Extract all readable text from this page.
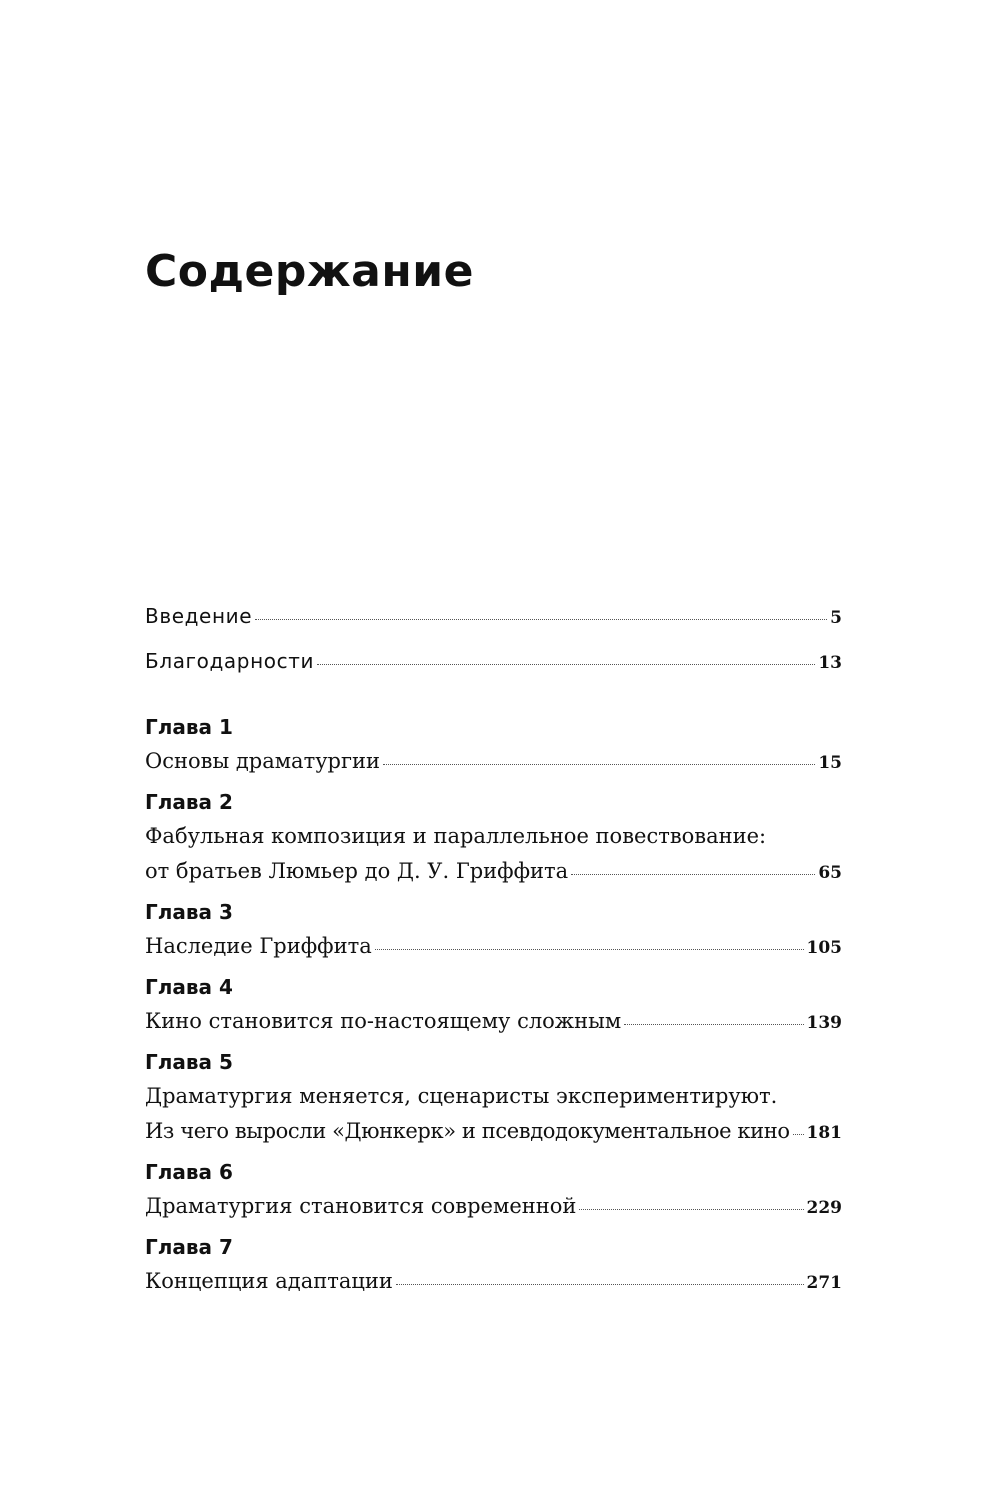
Содержание
Введение	5
Благодарности	13
Глава 1
Основы драматургии	15
Глава 2
Фабульная композиция и параллельное повествование:
от братьев Люмьер до Д. У. Гриффита	65
Глава 3
Наследие Гриффита	105
Глава 4
Кино становится по-настоящему сложным	139
Глава 5
Драматургия меняется, сценаристы экспериментируют.
Из чего выросли «Дюнкерк» и псевдодокументальное кино 181
Глава 6
Драматургия становится современной	229
Глава 7
Концепция адаптации	271
